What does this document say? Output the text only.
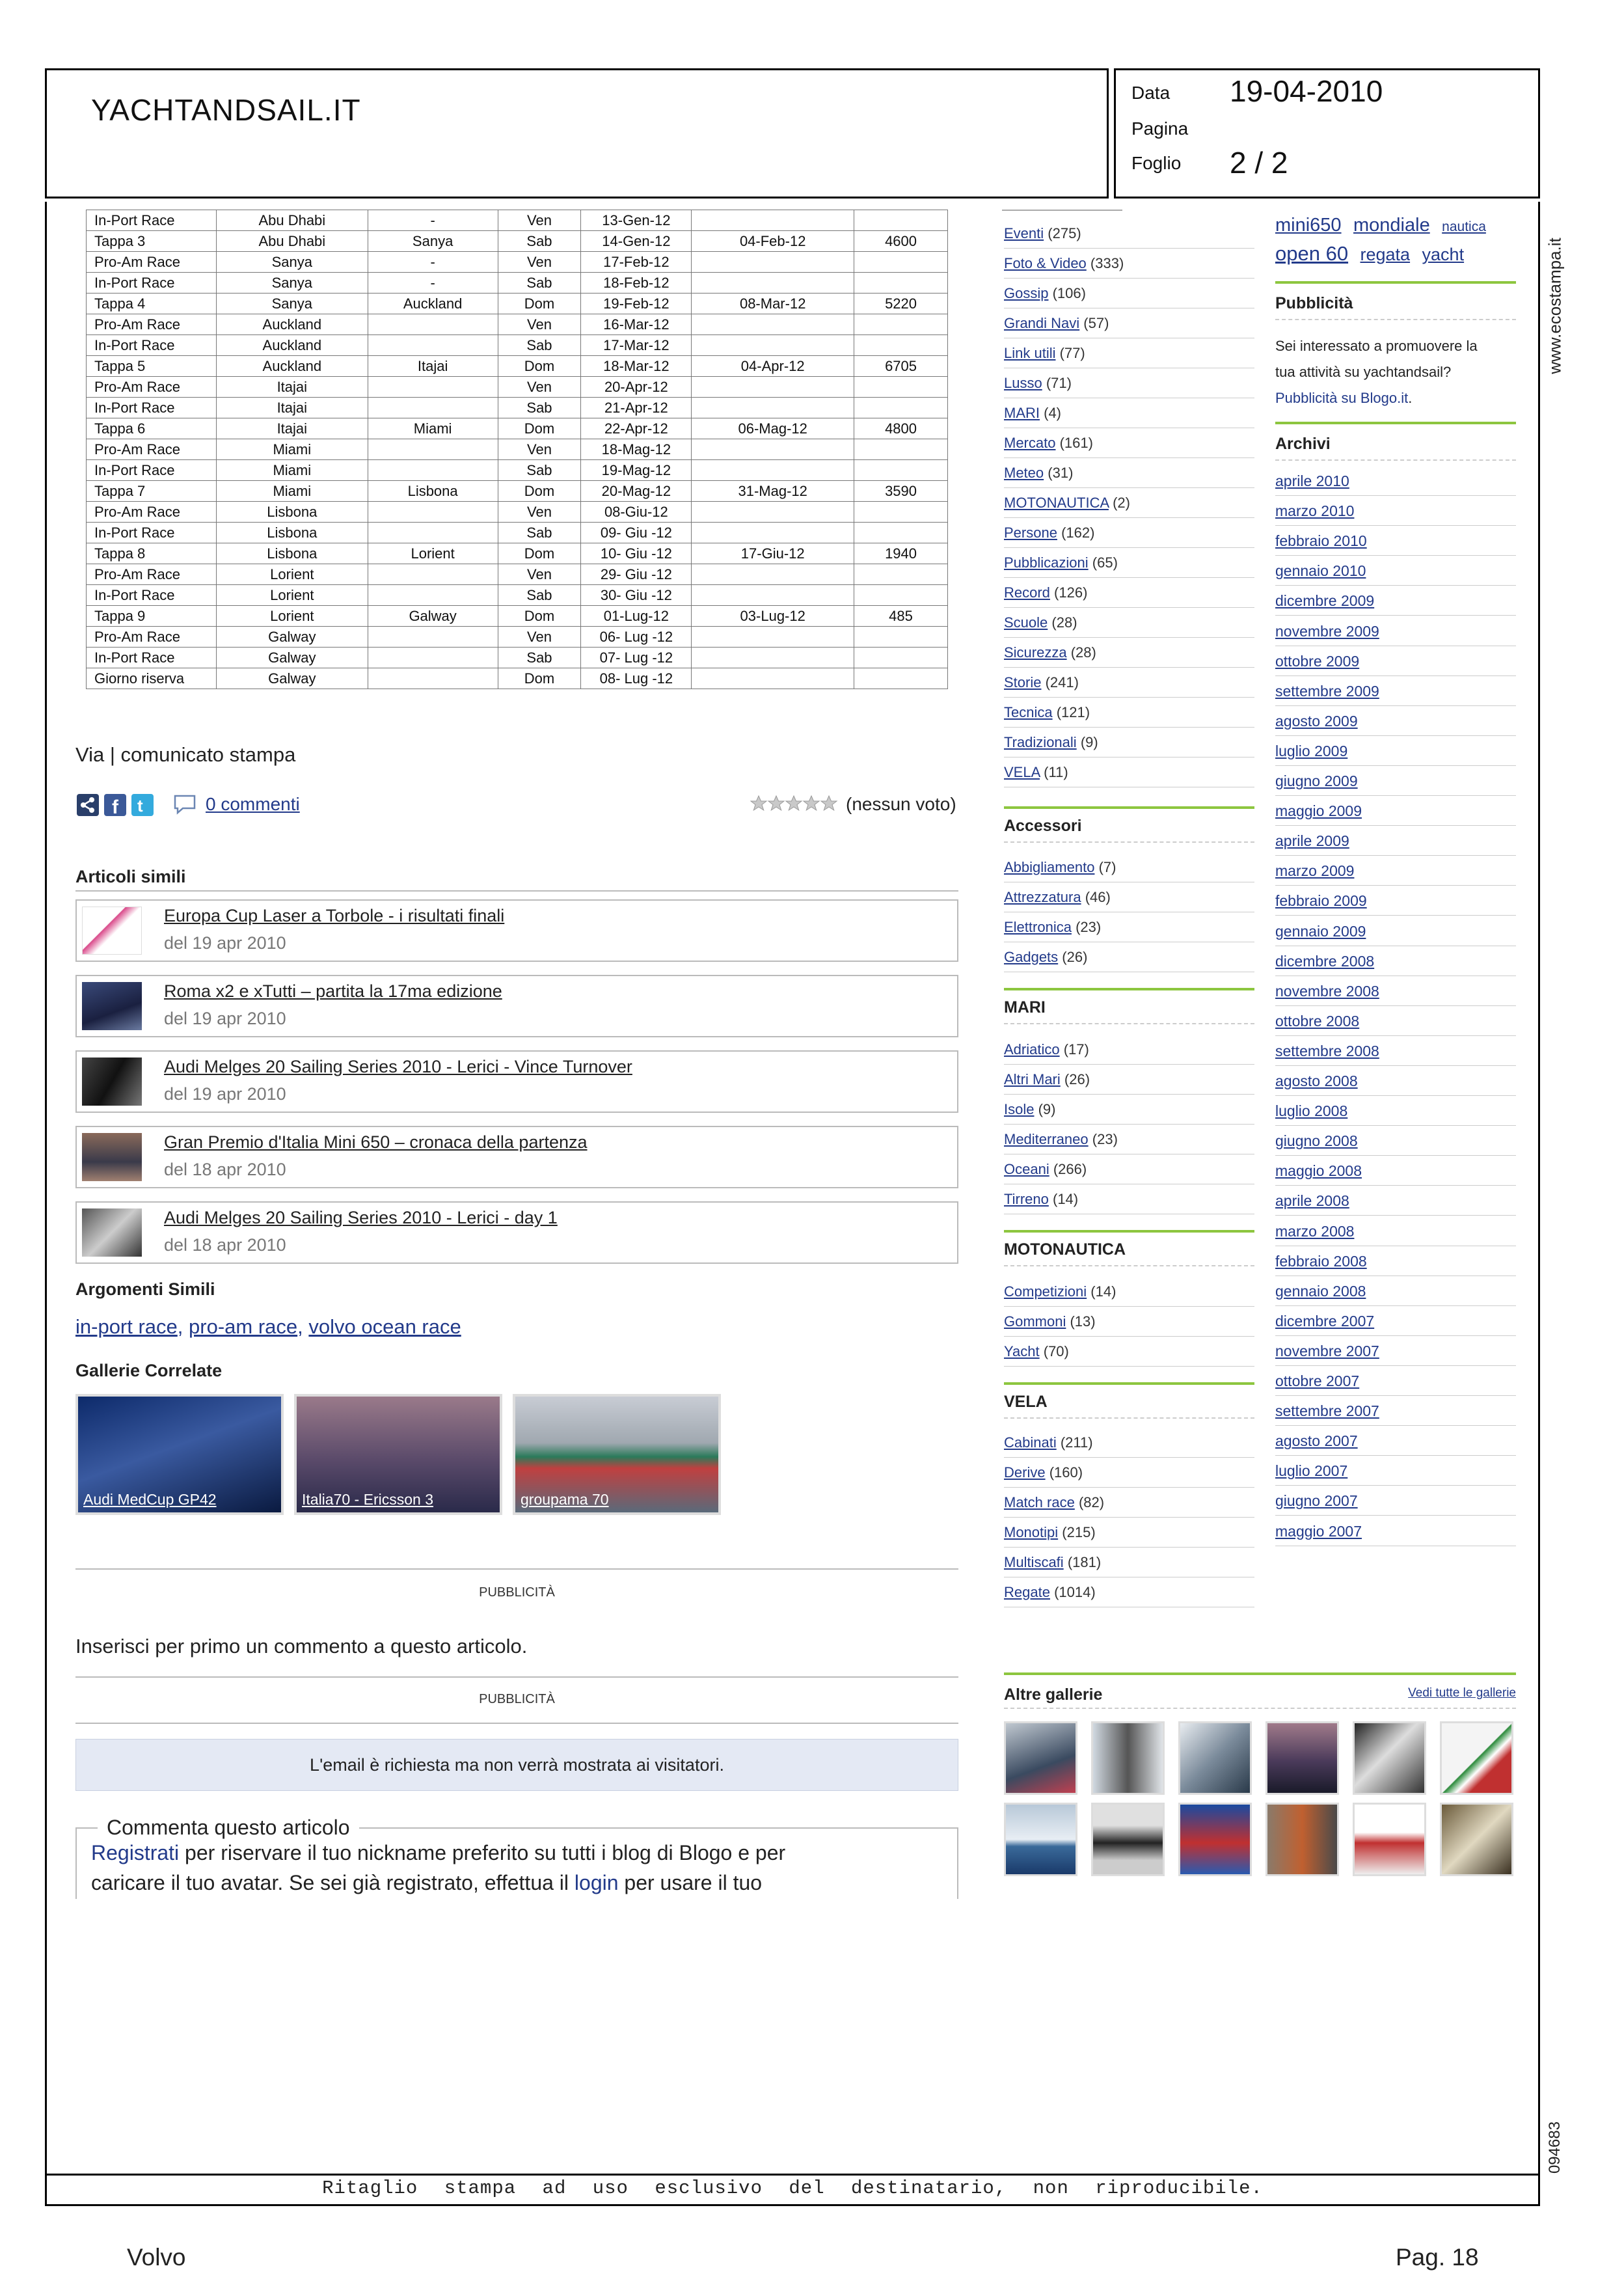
YACHTANDSAIL.IT
Data 19-04-2010
Pagina
Foglio 2 / 2
Ritaglio stampa ad uso esclusivo del destinatario, non riproducibile.
www.ecostampa.it
094683
Volvo	Pag. 18
In-Port Race	Abu Dhabi	-	Ven	13-Gen-12		
Tappa 3	Abu Dhabi	Sanya	Sab	14-Gen-12	04-Feb-12	4600
Pro-Am Race	Sanya	-	Ven	17-Feb-12		
In-Port Race	Sanya	-	Sab	18-Feb-12		
Tappa 4	Sanya	Auckland	Dom	19-Feb-12	08-Mar-12	5220
Pro-Am Race	Auckland		Ven	16-Mar-12		
In-Port Race	Auckland		Sab	17-Mar-12		
Tappa 5	Auckland	Itajai	Dom	18-Mar-12	04-Apr-12	6705
Pro-Am Race	Itajai		Ven	20-Apr-12		
In-Port Race	Itajai		Sab	21-Apr-12		
Tappa 6	Itajai	Miami	Dom	22-Apr-12	06-Mag-12	4800
Pro-Am Race	Miami		Ven	18-Mag-12		
In-Port Race	Miami		Sab	19-Mag-12		
Tappa 7	Miami	Lisbona	Dom	20-Mag-12	31-Mag-12	3590
Pro-Am Race	Lisbona		Ven	08-Giu-12		
In-Port Race	Lisbona		Sab	09- Giu -12		
Tappa 8	Lisbona	Lorient	Dom	10- Giu -12	17-Giu-12	1940
Pro-Am Race	Lorient		Ven	29- Giu -12		
In-Port Race	Lorient		Sab	30- Giu -12		
Tappa 9	Lorient	Galway	Dom	01-Lug-12	03-Lug-12	485
Pro-Am Race	Galway		Ven	06- Lug -12		
In-Port Race	Galway		Sab	07- Lug -12		
Giorno riserva	Galway		Dom	08- Lug -12		
Via | comunicato stampa
f t	0 commenti	(nessun voto)
Articoli simili
Europa Cup Laser a Torbole - i risultati finali
del 19 apr 2010
Roma x2 e xTutti – partita la 17ma edizione
del 19 apr 2010
Audi Melges 20 Sailing Series 2010 - Lerici - Vince Turnover
del 19 apr 2010
Gran Premio d'Italia Mini 650 – cronaca della partenza
del 18 apr 2010
Audi Melges 20 Sailing Series 2010 - Lerici - day 1
del 18 apr 2010
Argomenti Simili
in-port race, pro-am race, volvo ocean race
Gallerie Correlate
Audi MedCup GP42	Italia70 - Ericsson 3	groupama 70
PUBBLICITÀ
Inserisci per primo un commento a questo articolo.
PUBBLICITÀ
L'email è richiesta ma non verrà mostrata ai visitatori.
Registrati per riservare il tuo nickname preferito su tutti i blog di Blogo e per
caricare il tuo avatar. Se sei già registrato, effettua il login per usare il tuo
Commenta questo articolo
Eventi (275)
Foto & Video (333)
Gossip (106)
Grandi Navi (57)
Link utili (77)
Lusso (71)
MARI (4)
Mercato (161)
Meteo (31)
MOTONAUTICA (2)
Persone (162)
Pubblicazioni (65)
Record (126)
Scuole (28)
Sicurezza (28)
Storie (241)
Tecnica (121)
Tradizionali (9)
VELA (11)
Accessori
Abbigliamento (7)
Attrezzatura (46)
Elettronica (23)
Gadgets (26)
MARI
Adriatico (17)
Altri Mari (26)
Isole (9)
Mediterraneo (23)
Oceani (266)
Tirreno (14)
MOTONAUTICA
Competizioni (14)
Gommoni (13)
Yacht (70)
VELA
Cabinati (211)
Derive (160)
Match race (82)
Monotipi (215)
Multiscafi (181)
Regate (1014)
mini650 mondiale nautica
open 60 regata yacht
Pubblicità
Sei interessato a promuovere la
tua attività su yachtandsail?
Pubblicità su Blogo.it.
Archivi
aprile 2010
marzo 2010
febbraio 2010
gennaio 2010
dicembre 2009
novembre 2009
ottobre 2009
settembre 2009
agosto 2009
luglio 2009
giugno 2009
maggio 2009
aprile 2009
marzo 2009
febbraio 2009
gennaio 2009
dicembre 2008
novembre 2008
ottobre 2008
settembre 2008
agosto 2008
luglio 2008
giugno 2008
maggio 2008
aprile 2008
marzo 2008
febbraio 2008
gennaio 2008
dicembre 2007
novembre 2007
ottobre 2007
settembre 2007
agosto 2007
luglio 2007
giugno 2007
maggio 2007
Altre gallerie	Vedi tutte le gallerie
